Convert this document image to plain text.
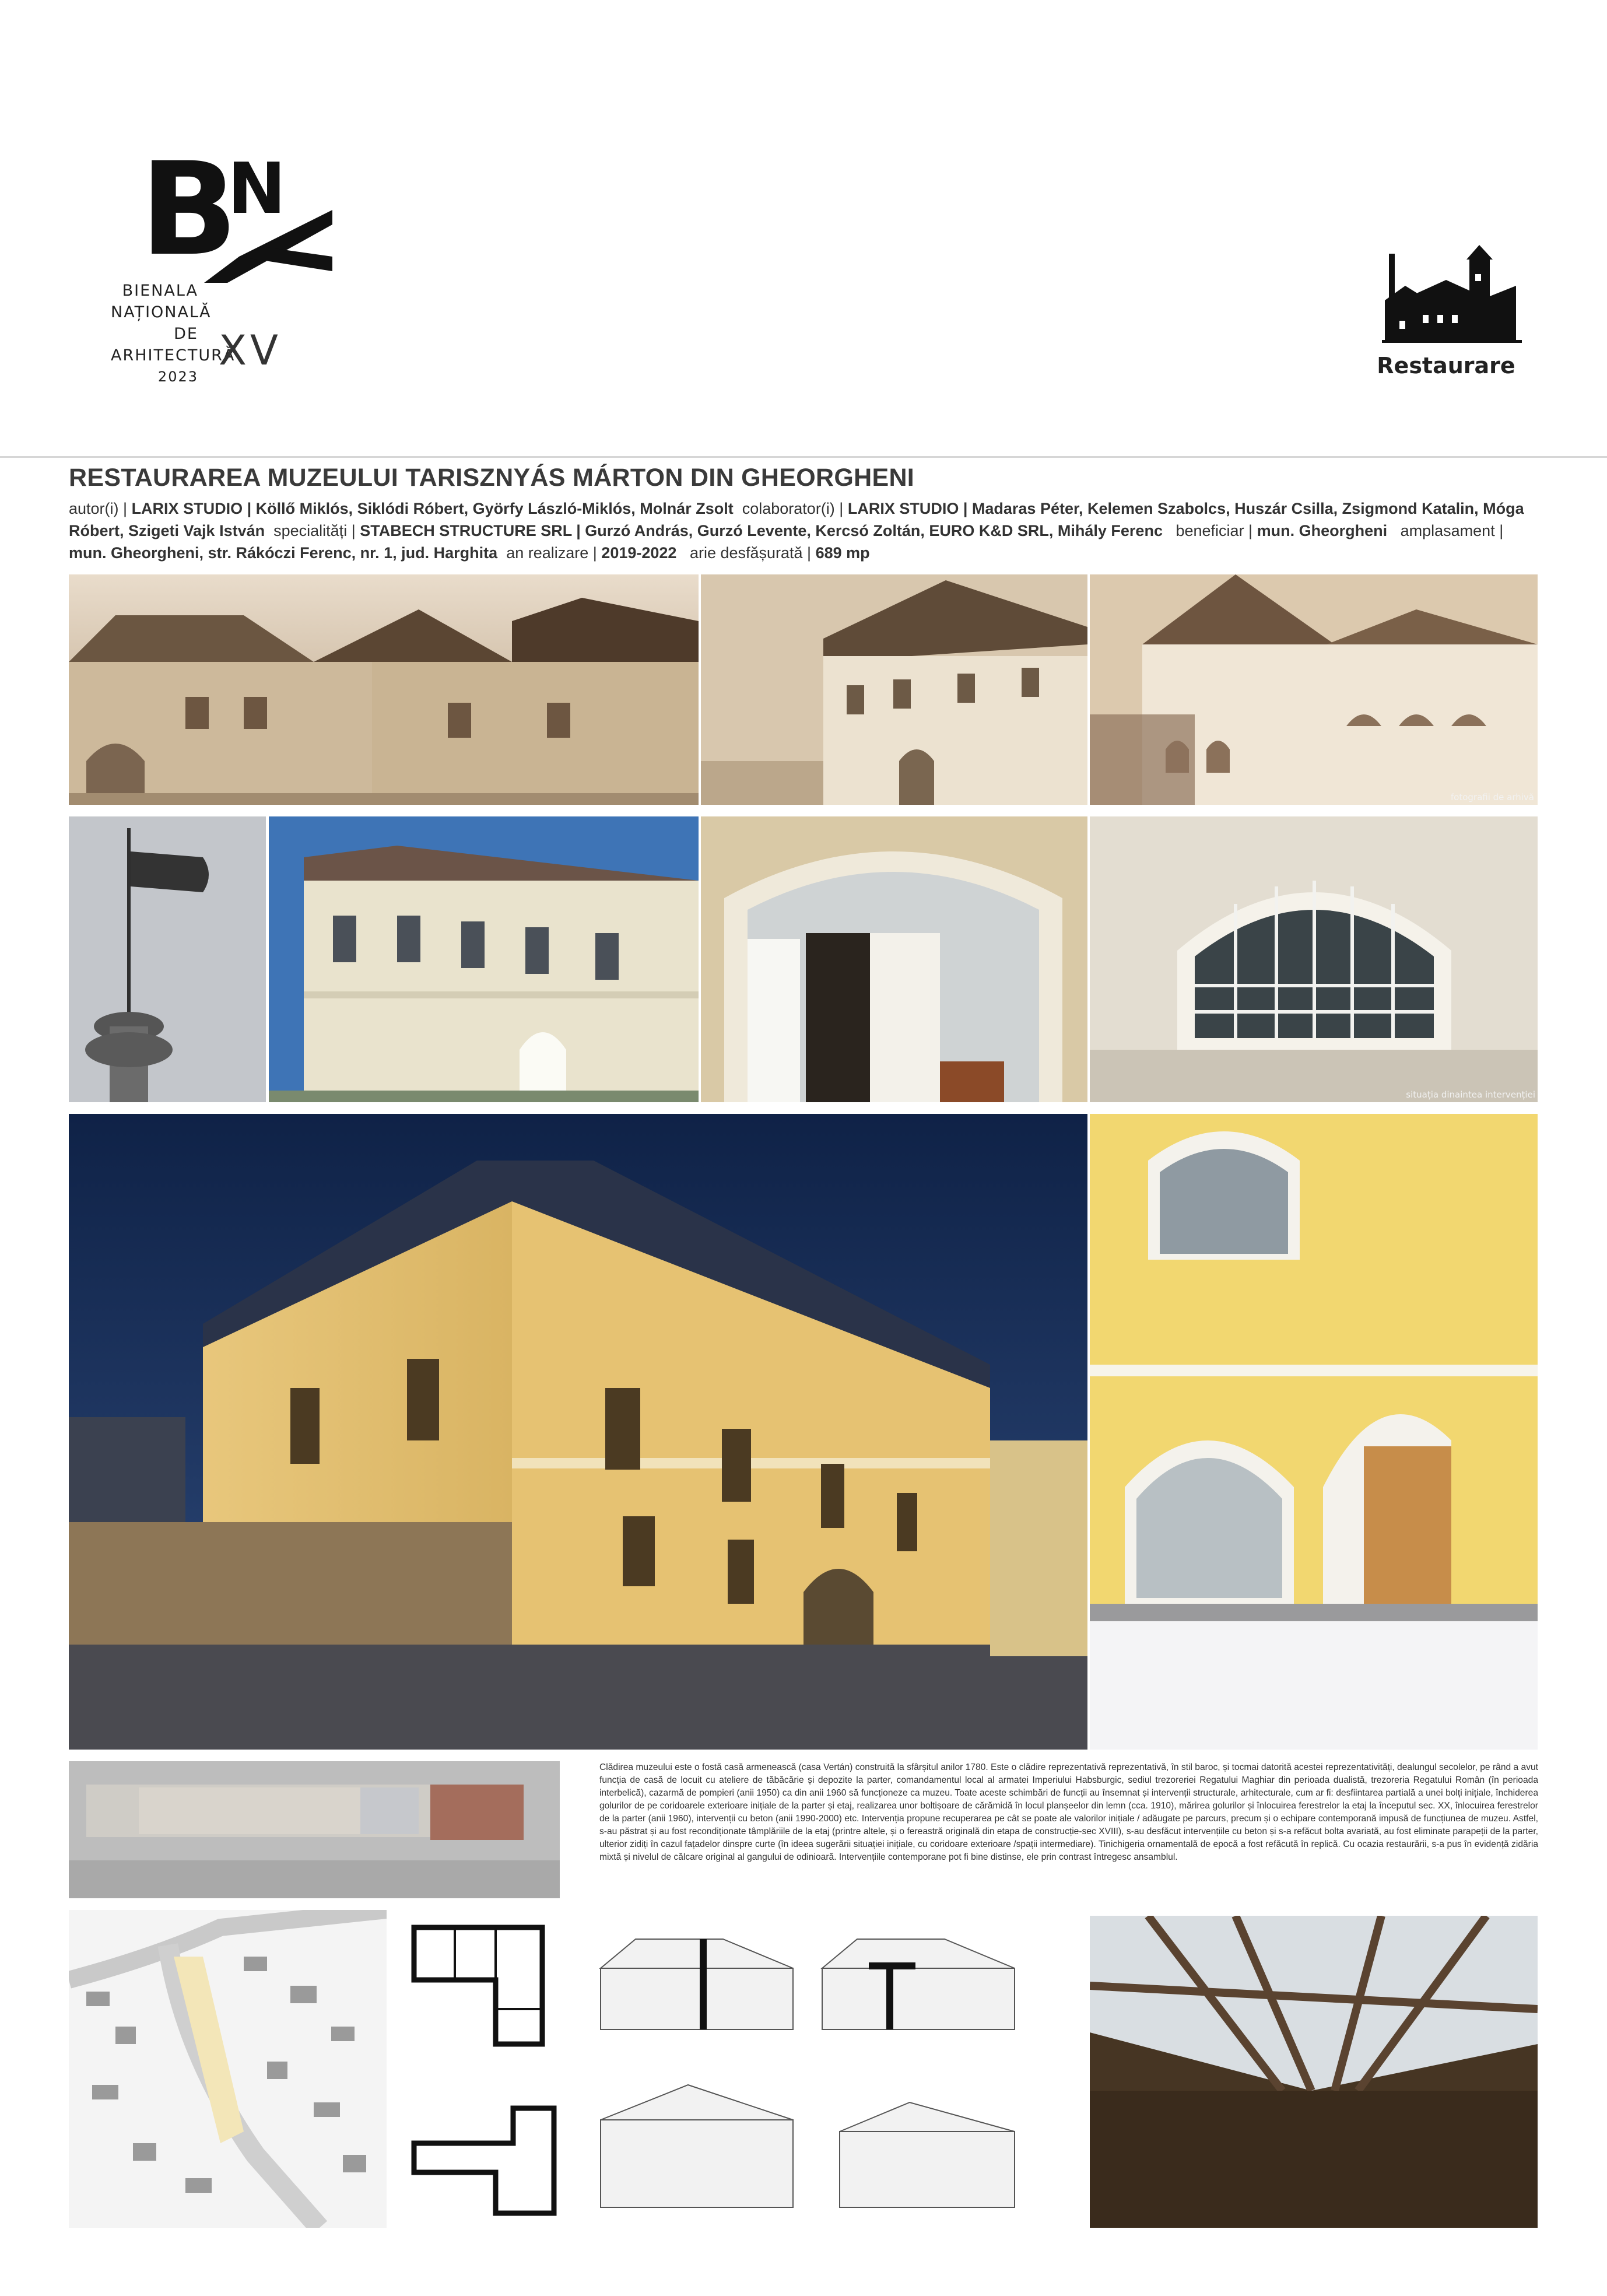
B
N
BIENALA
NAȚIONALĂ
DE
ARHITECTURĂ
2023
XV	Restaurare
RESTAURAREA MUZEULUI TARISZNYÁS MÁRTON DIN GHEORGHENI
autor(i) | LARIX STUDIO | Köllő Miklós, Siklódi Róbert, Györfy László-Miklós, Molnár Zsolt colaborator(i) | LARIX STUDIO | Madaras Péter, Kelemen Szabolcs, Huszár Csilla, Zsigmond Katalin, Móga Róbert, Szigeti Vajk István specialități | STABECH STRUCTURE SRL | Gurzó András, Gurzó Levente, Kercsó Zoltán, EURO K&D SRL, Mihály Ferenc beneficiar | mun. Gheorgheni amplasament | mun. Gheorgheni, str. Rákóczi Ferenc, nr. 1, jud. Harghita an realizare | 2019-2022 arie desfășurată | 689 mp
fotografii de arhivă
situația dinaintea intervenției
Clădirea muzeului este o fostă casă armenească (casa Vertán) construită la sfârșitul anilor 1780. Este o clădire reprezentativă reprezentativă, în stil baroc, și tocmai datorită acestei reprezentativități, dealungul secolelor, pe rând a avut funcția de casă de locuit cu ateliere de tăbăcărie și depozite la parter, comandamentul local al armatei Imperiului Habsburgic, sediul trezoreriei Regatului Maghiar din perioada dualistă, trezoreria Regatului Român (în perioada interbelică), cazarmă de pompieri (anii 1950) ca din anii 1960 să funcționeze ca muzeu. Toate aceste schimbări de funcții au însemnat și intervenții structurale, arhitecturale, cum ar fi: desfiintarea partială a unei bolți inițiale, închiderea golurilor de pe coridoarele exterioare inițiale de la parter și etaj, realizarea unor boltișoare de cărămidă în locul planșeelor din lemn (cca. 1910), mărirea golurilor și înlocuirea ferestrelor la etaj la începutul sec. XX, înlocuirea ferestrelor de la parter (anii 1960), intervenții cu beton (anii 1990-2000) etc. Intervenția propune recuperarea pe cât se poate ale valorilor inițiale / adăugate pe parcurs, precum și o echipare contemporană impusă de funcțiunea de muzeu. Astfel, s-au păstrat și au fost recondiționate tâmplăriile de la etaj (printre altele, și o fereastră originală din etapa de construcție-sec XVIII), s-au desfăcut intervențiile cu beton și s-a refăcut bolta avariată, au fost eliminate parapeții de la parter, ulterior zidiți în cazul fațadelor dinspre curte (în ideea sugerării situației inițiale, cu coridoare exterioare /spații intermediare). Tinichigeria ornamentală de epocă a fost refăcută în replică. Cu ocazia restaurării, s-a pus în evidență zidăria mixtă și nivelul de călcare original al gangului de odinioară. Intervențiile contemporane pot fi bine distinse, ele prin contrast întregesc ansamblul.
